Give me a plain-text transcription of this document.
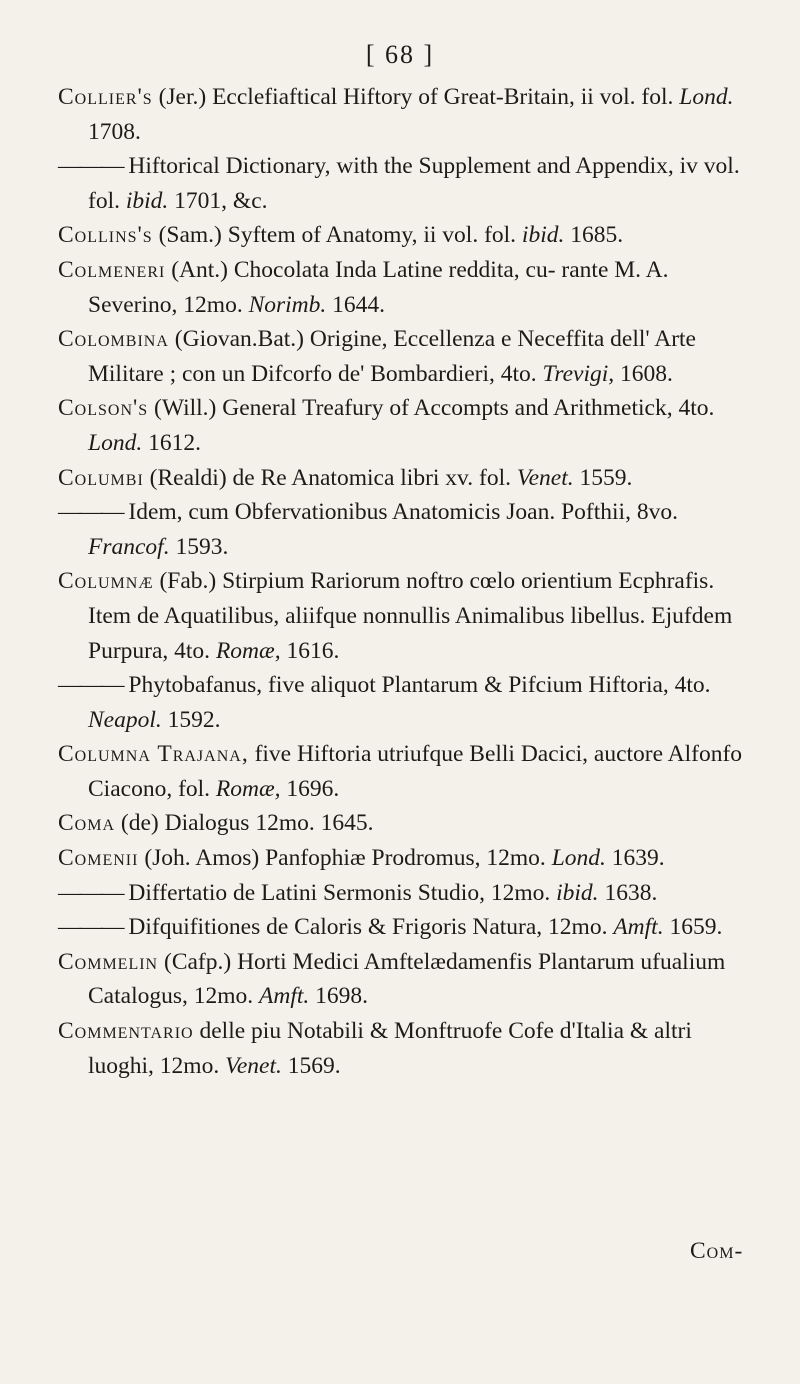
[ 68 ]

Collier's (Jer.) Ecclefiaftical Hiftory of Great-Britain, ii vol. fol. Lond. 1708.

——— Hiftorical Dictionary, with the Supplement and Appendix, iv vol. fol. ibid. 1701, &c.

Collins's (Sam.) Syftem of Anatomy, ii vol. fol. ibid. 1685.

Colmeneri (Ant.) Chocolata Inda Latine reddita, cu- rante M. A. Severino, 12mo. Norimb. 1644.

Colombina (Giovan.Bat.) Origine, Eccellenza e Neceffita dell' Arte Militare ; con un Difcorfo de' Bombardieri, 4to. Trevigi, 1608.

Colson's (Will.) General Treafury of Accompts and Arithmetick, 4to. Lond. 1612.

Columbi (Realdi) de Re Anatomica libri xv. fol. Venet. 1559.

——— Idem, cum Obfervationibus Anatomicis Joan. Pofthii, 8vo. Francof. 1593.

Columnæ (Fab.) Stirpium Rariorum noftro cœlo orientium Ecphrafis. Item de Aquatilibus, aliifque nonnullis Animalibus libellus. Ejufdem Purpura, 4to. Romæ, 1616.

——— Phytobafanus, five aliquot Plantarum & Pifcium Hiftoria, 4to. Neapol. 1592.

Columna Trajana, five Hiftoria utriufque Belli Dacici, auctore Alfonfo Ciacono, fol. Romæ, 1696.

Coma (de) Dialogus 12mo. 1645.

Comenii (Joh. Amos) Panfophiæ Prodromus, 12mo. Lond. 1639.

——— Differtatio de Latini Sermonis Studio, 12mo. ibid. 1638.

——— Difquifitiones de Caloris & Frigoris Natura, 12mo. Amft. 1659.

Commelin (Cafp.) Horti Medici Amftelædamenfis Plantarum ufualium Catalogus, 12mo. Amft. 1698.

Commentario delle piu Notabili & Monftruofe Cofe d'Italia & altri luoghi, 12mo. Venet. 1569.

Com-
